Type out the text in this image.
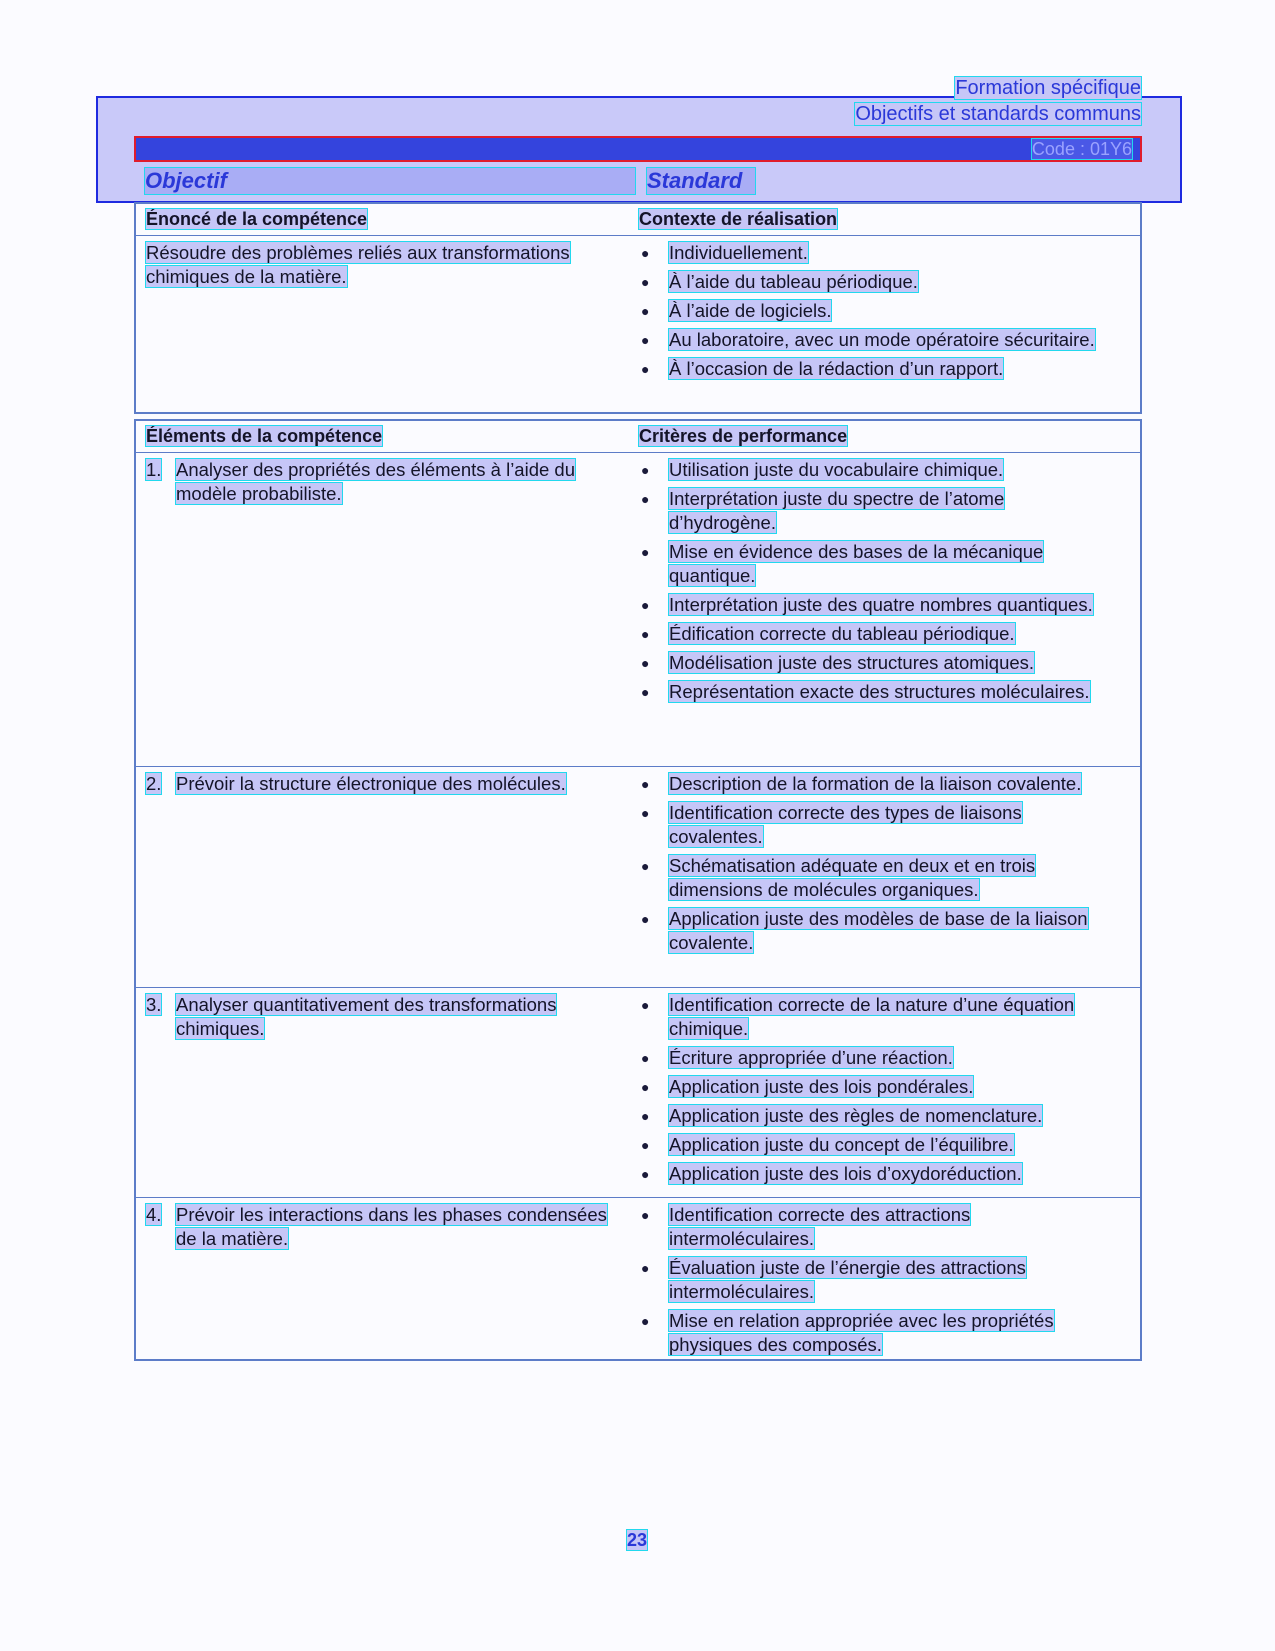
Formation spécifique
Objectifs et standards communs
Code : 01Y6
Objectif	Standard
Énoncé de la compétence	Contexte de réalisation
Résoudre des problèmes reliés aux transformations chimiques de la matière.
●
Individuellement.
●
À l’aide du tableau périodique.
●
À l’aide de logiciels.
●
Au laboratoire, avec un mode opératoire sécuritaire.
●
À l’occasion de la rédaction d’un rapport.
Éléments de la compétence	Critères de performance
1. Analyser des propriétés des éléments à l’aide du modèle probabiliste.
●
Utilisation juste du vocabulaire chimique.
●
Interprétation juste du spectre de l’atome d’hydrogène.
●
Mise en évidence des bases de la mécanique quantique.
●
Interprétation juste des quatre nombres quantiques.
●
Édification correcte du tableau périodique.
●
Modélisation juste des structures atomiques.
●
Représentation exacte des structures moléculaires.
2. Prévoir la structure électronique des molécules.
●	Description de la formation de la liaison covalente.
●
Identification correcte des types de liaisons covalentes.
●
Schématisation adéquate en deux et en trois dimensions de molécules organiques.
●
Application juste des modèles de base de la liaison covalente.
3. Analyser quantitativement des transformations chimiques.
●
Identification correcte de la nature d’une équation chimique.
●
Écriture appropriée d’une réaction.
●
Application juste des lois pondérales.
●
Application juste des règles de nomenclature.
●
Application juste du concept de l’équilibre.
●
Application juste des lois d’oxydoréduction.
4. Prévoir les interactions dans les phases condensées de la matière.
●
Identification correcte des attractions intermoléculaires.
●
Évaluation juste de l’énergie des attractions intermoléculaires.
●
Mise en relation appropriée avec les propriétés physiques des composés.
23
